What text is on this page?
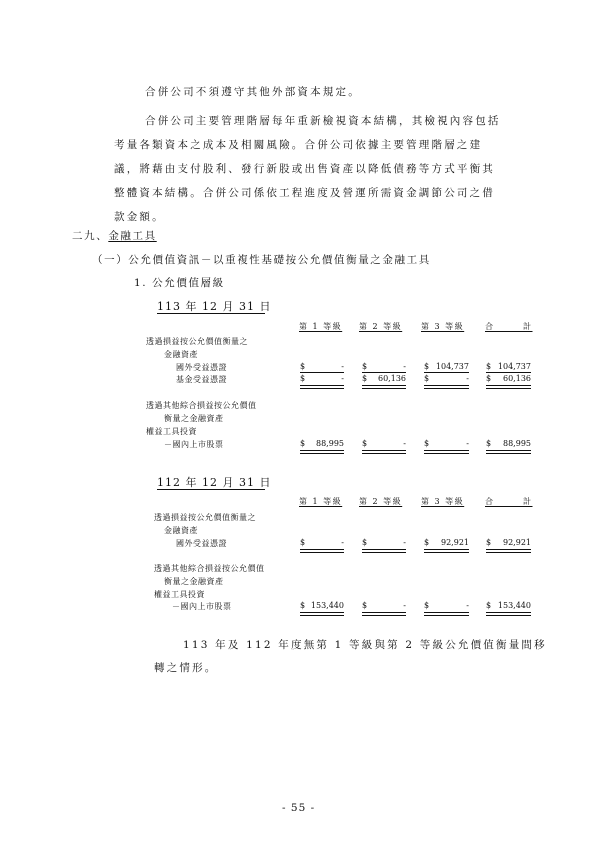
合併公司不須遵守其他外部資本規定。
合併公司主要管理階層每年重新檢視資本結構，其檢視內容包括
考量各類資本之成本及相關風險。合併公司依據主要管理階層之建
議，將藉由支付股利、發行新股或出售資產以降低債務等方式平衡其
整體資本結構。合併公司係依工程進度及營運所需資金調節公司之借
款金額。
二九、金融工具
（一）公允價值資訊－以重複性基礎按公允價值衡量之金融工具
1. 公允價值層級
113 年 12 月 31 日
第 1 等級 第 2 等級 第 3 等級	合　　　計
透過損益按公允價值衡量之
金融資產
國外受益憑證	$	- $	- $ 104,737 $ 104,737
基金受益憑證	$	- $ 60,136 $	- $ 60,136
透過其他綜合損益按公允價值
衡量之金融資產
權益工具投資
－國內上市股票	$ 88,995 $	- $	- $ 88,995
112 年 12 月 31 日
第 1 等級 第 2 等級 第 3 等級	合　　　計
透過損益按公允價值衡量之
金融資產
國外受益憑證	$	- $	- $ 92,921 $ 92,921
透過其他綜合損益按公允價值
衡量之金融資產
權益工具投資
－國內上市股票	$ 153,440 $	- $	- $ 153,440
113 年及 112 年度無第 1 等級與第 2 等級公允價值衡量間移
轉之情形。
- 55 -
